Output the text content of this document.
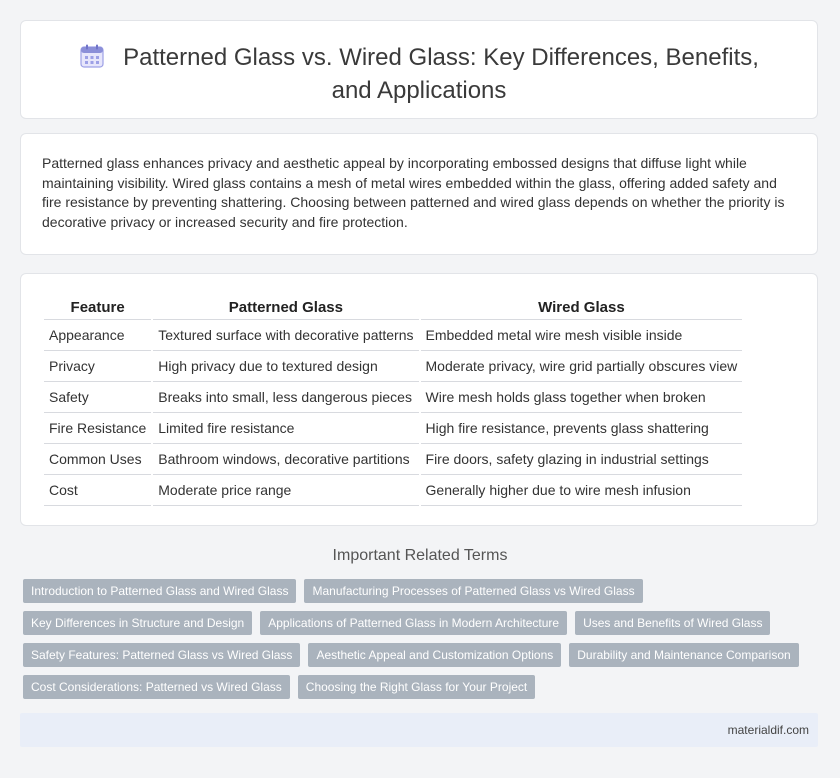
Patterned Glass vs. Wired Glass: Key Differences, Benefits, and Applications

Patterned glass enhances privacy and aesthetic appeal by incorporating embossed designs that diffuse light while maintaining visibility. Wired glass contains a mesh of metal wires embedded within the glass, offering added safety and fire resistance by preventing shattering. Choosing between patterned and wired glass depends on whether the priority is decorative privacy or increased security and fire protection.

Feature	Patterned Glass	Wired Glass
Appearance	Textured surface with decorative patterns	Embedded metal wire mesh visible inside
Privacy	High privacy due to textured design	Moderate privacy, wire grid partially obscures view
Safety	Breaks into small, less dangerous pieces	Wire mesh holds glass together when broken
Fire Resistance	Limited fire resistance	High fire resistance, prevents glass shattering
Common Uses	Bathroom windows, decorative partitions	Fire doors, safety glazing in industrial settings
Cost	Moderate price range	Generally higher due to wire mesh infusion
Important Related Terms
Introduction to Patterned Glass and Wired Glass	Manufacturing Processes of Patterned Glass vs Wired Glass
Key Differences in Structure and Design	Applications of Patterned Glass in Modern Architecture	Uses and Benefits of Wired Glass
Safety Features: Patterned Glass vs Wired Glass	Aesthetic Appeal and Customization Options	Durability and Maintenance Comparison
Cost Considerations: Patterned vs Wired Glass	Choosing the Right Glass for Your Project
materialdif.com
